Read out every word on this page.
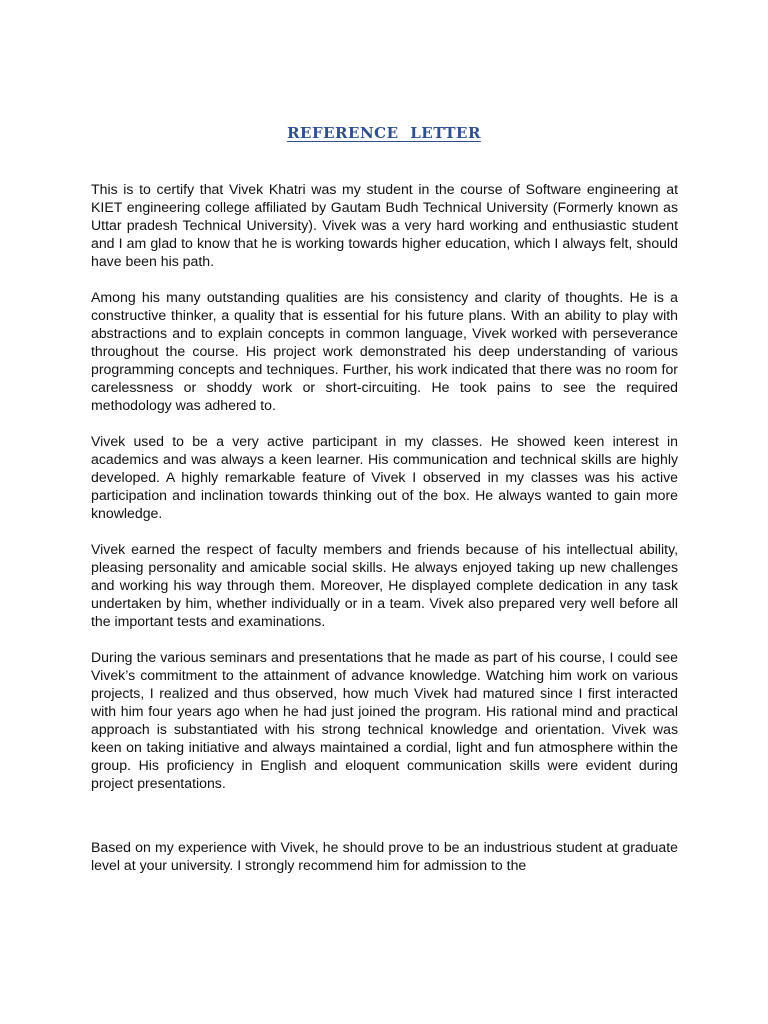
REFERENCE LETTER

This is to certify that Vivek Khatri was my student in the course of Software engineering at KIET engineering college affiliated by Gautam Budh Technical University (Formerly known as Uttar pradesh Technical University). Vivek was a very hard working and enthusiastic student and I am glad to know that he is working towards higher education, which I always felt, should have been his path.

Among his many outstanding qualities are his consistency and clarity of thoughts. He is a constructive thinker, a quality that is essential for his future plans. With an ability to play with abstractions and to explain concepts in common language, Vivek worked with perseverance throughout the course. His project work demonstrated his deep understanding of various programming concepts and techniques. Further, his work indicated that there was no room for carelessness or shoddy work or short-circuiting. He took pains to see the required methodology was adhered to.

Vivek used to be a very active participant in my classes. He showed keen interest in academics and was always a keen learner. His communication and technical skills are highly developed. A highly remarkable feature of Vivek I observed in my classes was his active participation and inclination towards thinking out of the box. He always wanted to gain more knowledge.

Vivek earned the respect of faculty members and friends because of his intellectual ability, pleasing personality and amicable social skills. He always enjoyed taking up new challenges and working his way through them. Moreover, He displayed complete dedication in any task undertaken by him, whether individually or in a team. Vivek also prepared very well before all the important tests and examinations.

During the various seminars and presentations that he made as part of his course, I could see Vivek’s commitment to the attainment of advance knowledge. Watching him work on various projects, I realized and thus observed, how much Vivek had matured since I first interacted with him four years ago when he had just joined the program. His rational mind and practical approach is substantiated with his strong technical knowledge and orientation. Vivek was keen on taking initiative and always maintained a cordial, light and fun atmosphere within the group. His proficiency in English and eloquent communication skills were evident during project presentations.

Based on my experience with Vivek, he should prove to be an industrious student at graduate level at your university. I strongly recommend him for admission to the
